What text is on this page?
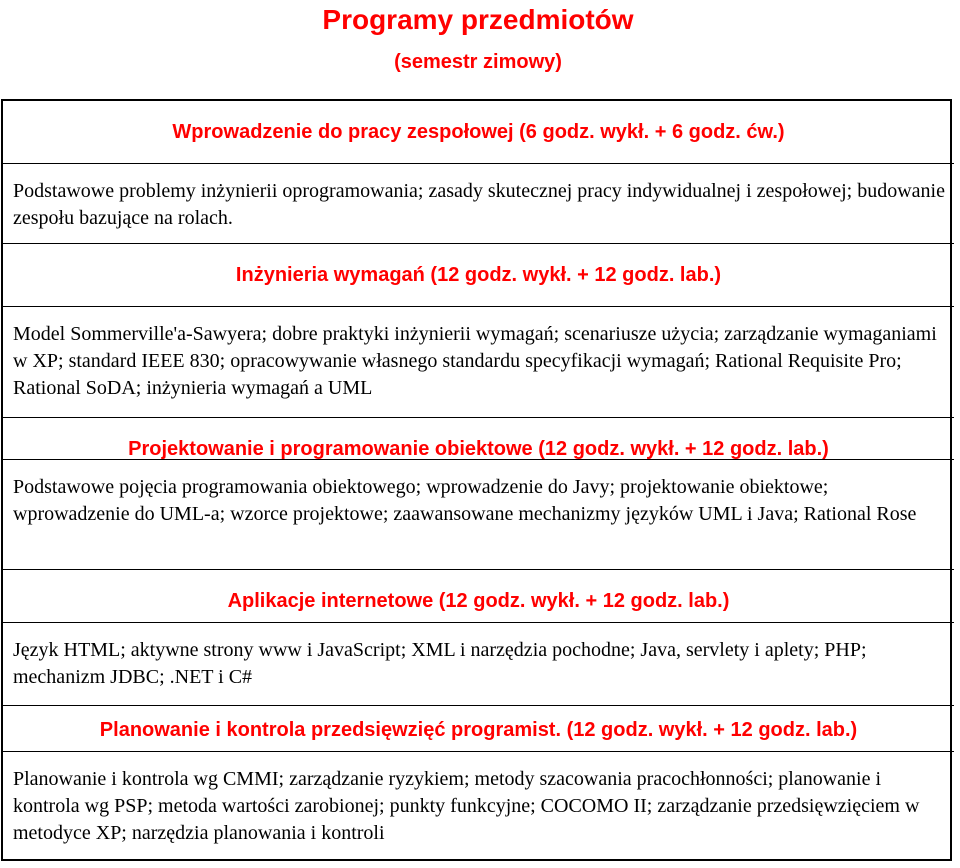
Programy przedmiotów
(semestr zimowy)
Wprowadzenie do pracy zespołowej (6 godz. wykł. + 6 godz. ćw.)
Podstawowe problemy inżynierii oprogramowania; zasady skutecznej pracy indywidualnej i zespołowej; budowanie zespołu bazujące na rolach.
Inżynieria wymagań (12 godz. wykł. + 12 godz. lab.)
Model Sommerville'a-Sawyera; dobre praktyki inżynierii wymagań; scenariusze użycia; zarządzanie wymaganiami w XP; standard IEEE 830; opracowywanie własnego standardu specyfikacji wymagań; Rational Requisite Pro; Rational SoDA; inżynieria wymagań a UML
Projektowanie i programowanie obiektowe (12 godz. wykł. + 12 godz. lab.)
Podstawowe pojęcia programowania obiektowego; wprowadzenie do Javy; projektowanie obiektowe; wprowadzenie do UML-a; wzorce projektowe; zaawansowane mechanizmy języków UML i Java; Rational Rose
Aplikacje internetowe (12 godz. wykł. + 12 godz. lab.)
Język HTML; aktywne strony www i JavaScript; XML i narzędzia pochodne; Java, servlety i aplety; PHP; mechanizm JDBC; .NET i C#
Planowanie i kontrola przedsięwzięć programist. (12 godz. wykł. + 12 godz. lab.)
Planowanie i kontrola wg CMMI; zarządzanie ryzykiem; metody szacowania pracochłonności; planowanie i kontrola wg PSP; metoda wartości zarobionej; punkty funkcyjne; COCOMO II; zarządzanie przedsięwzięciem w metodyce XP; narzędzia planowania i kontroli
